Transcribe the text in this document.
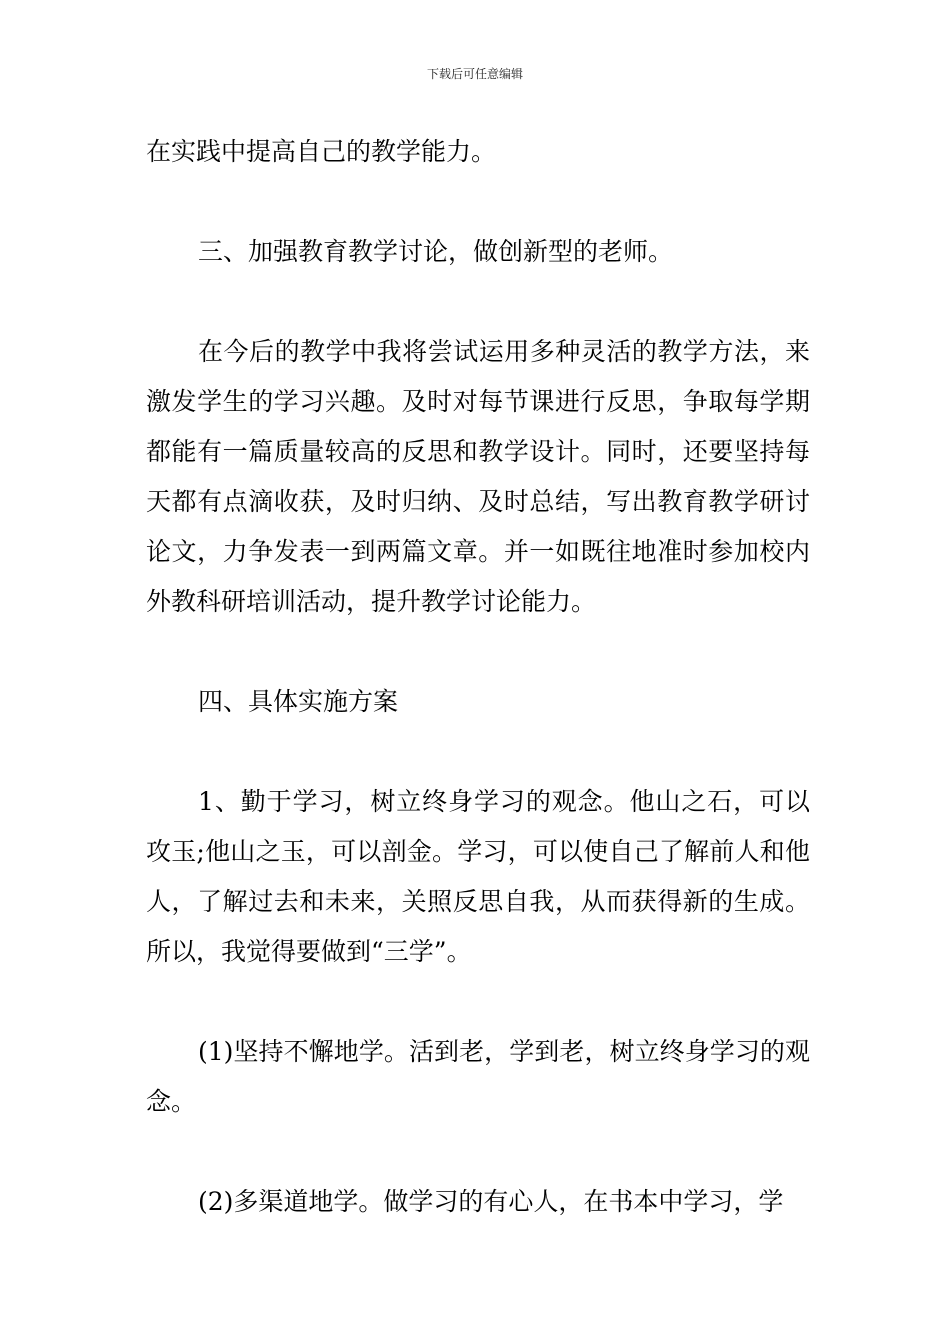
下载后可任意编辑

在实践中提高自己的教学能力。

三、加强教育教学讨论，做创新型的老师。

在今后的教学中我将尝试运用多种灵活的教学方法，来激发学生的学习兴趣。及时对每节课进行反思，争取每学期都能有一篇质量较高的反思和教学设计。同时，还要坚持每天都有点滴收获，及时归纳、及时总结，写出教育教学研讨论文，力争发表一到两篇文章。并一如既往地准时参加校内外教科研培训活动，提升教学讨论能力。

四、具体实施方案

1、勤于学习，树立终身学习的观念。他山之石，可以攻玉;他山之玉，可以剖金。学习，可以使自己了解前人和他人，了解过去和未来，关照反思自我，从而获得新的生成。所以，我觉得要做到“三学”。

(1)坚持不懈地学。活到老，学到老，树立终身学习的观念。

(2)多渠道地学。做学习的有心人，在书本中学习，学
